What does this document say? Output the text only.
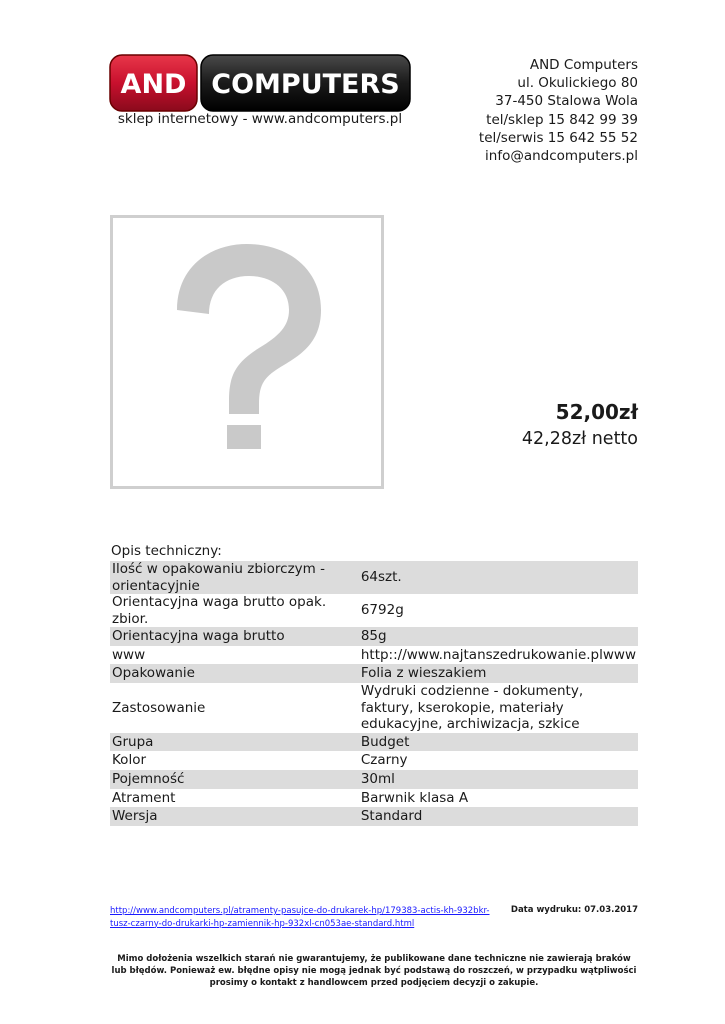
AND COMPUTERS
sklep internetowy - www.andcomputers.pl
AND Computers
ul. Okulickiego 80
37-450 Stalowa Wola
tel/sklep 15 842 99 39
tel/serwis 15 642 55 52
info@andcomputers.pl
52,00zł
42,28zł netto
Opis techniczny:
Ilość w opakowaniu zbiorczym - orientacyjnie	64szt.
Orientacyjna waga brutto opak. zbior.	6792g
Orientacyjna waga brutto	85g
www	http:://www.najtanszedrukowanie.plwww
Opakowanie	Folia z wieszakiem
Zastosowanie	Wydruki codzienne - dokumenty, faktury, kserokopie, materiały edukacyjne, archiwizacja, szkice
Grupa	Budget
Kolor	Czarny
Pojemność	30ml
Atrament	Barwnik klasa A
Wersja	Standard
http://www.andcomputers.pl/atramenty-pasujce-do-drukarek-hp/179383-actis-kh-932bkr-tusz-czarny-do-drukarki-hp-zamiennik-hp-932xl-cn053ae-standard.html
Data wydruku: 07.03.2017
Mimo dołożenia wszelkich starań nie gwarantujemy, że publikowane dane techniczne nie zawierają braków lub błędów. Ponieważ ew. błędne opisy nie mogą jednak być podstawą do roszczeń, w przypadku wątpliwości prosimy o kontakt z handlowcem przed podjęciem decyzji o zakupie.
